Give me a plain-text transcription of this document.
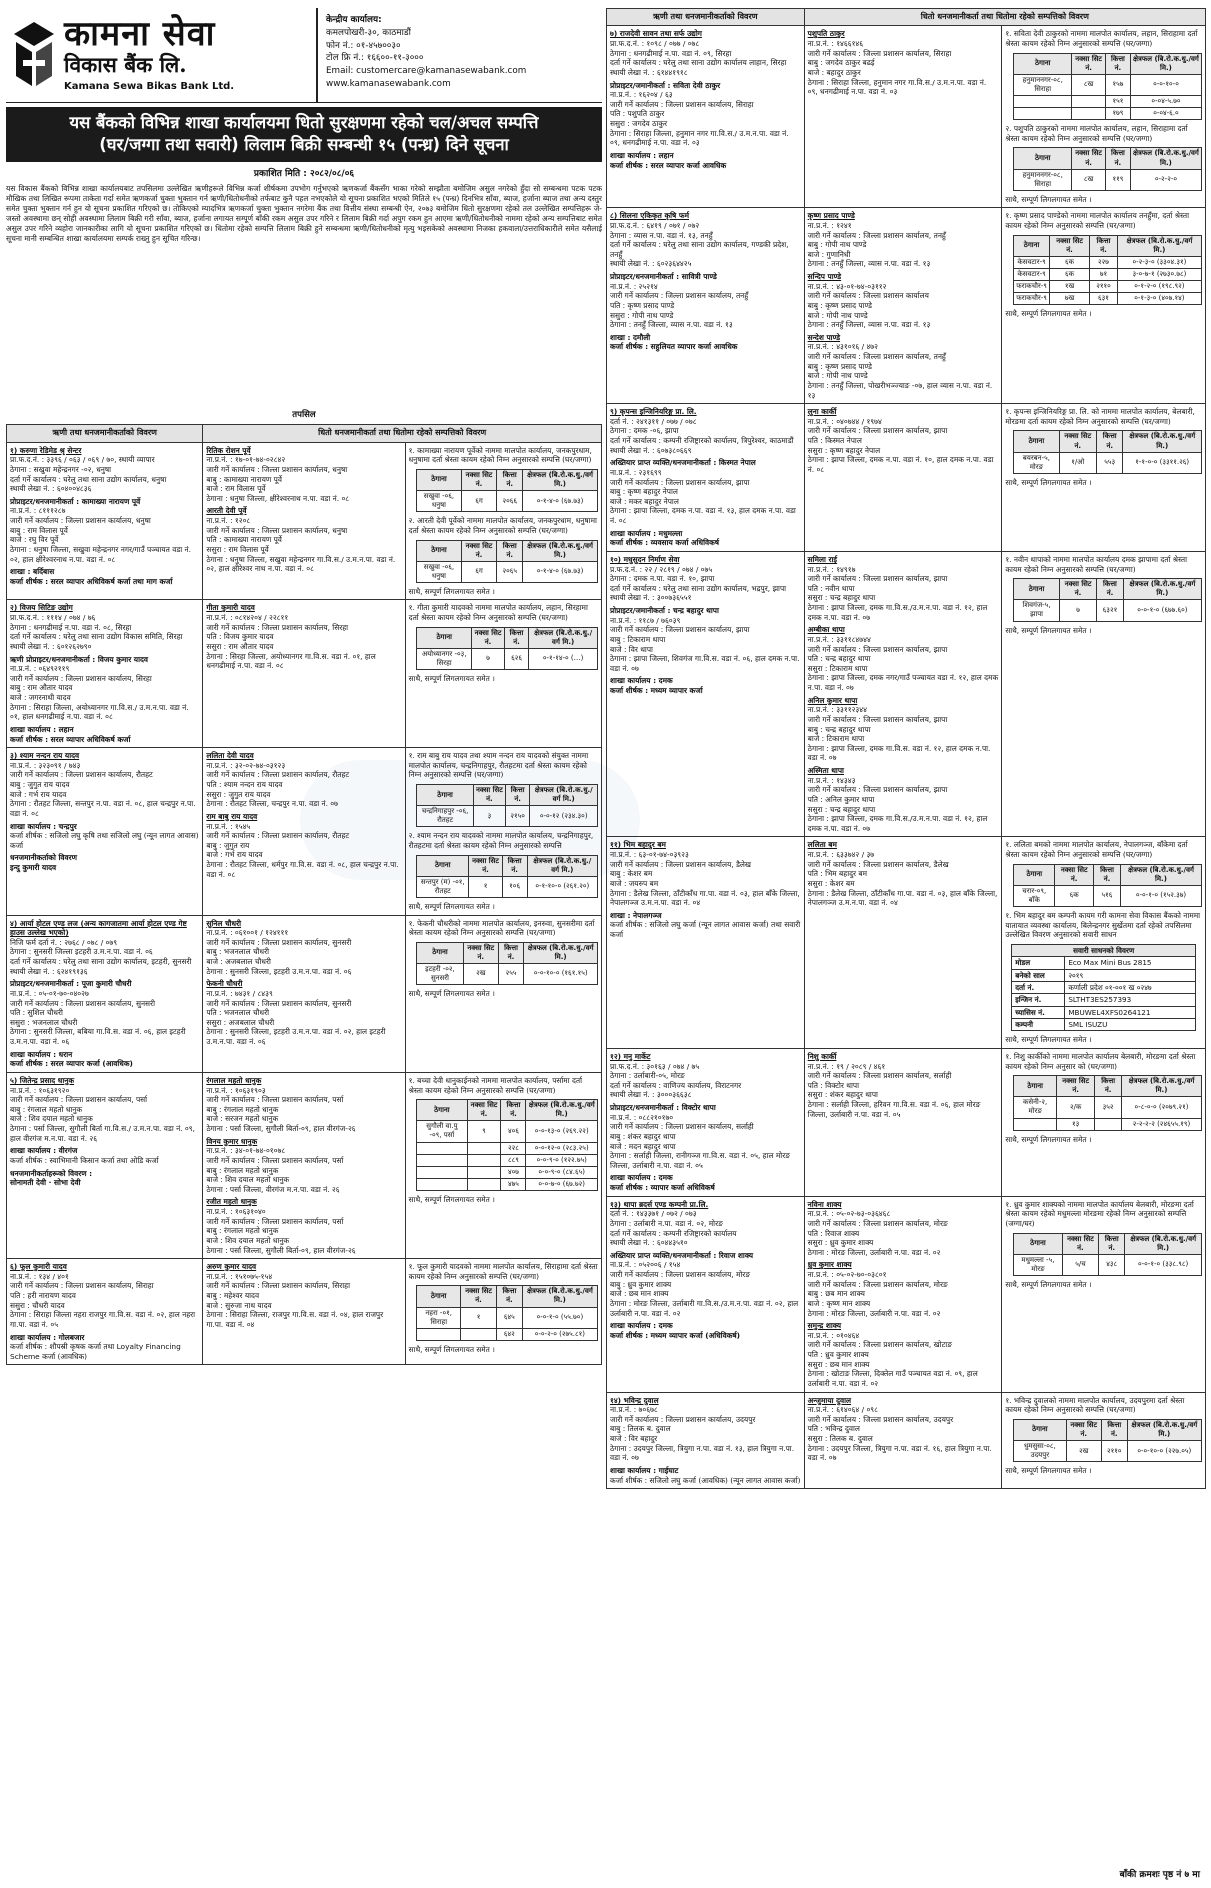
कामना सेवा
विकास बैंक लि.
Kamana Sewa Bikas Bank Ltd.
केन्द्रीय कार्यालय:
कमलपोखरी-३०, काठमाडौं
फोन नं.: ०१-४५७००३०
टोल फ्रि नं.: १६६००-११-३०००
Email: customercare@kamanasewabank.com
www.kamanasewabank.com
यस बैंकको विभिन्न शाखा कार्यालयमा धितो सुरक्षणमा रहेको चल/अचल सम्पत्ति
(घर/जग्गा तथा सवारी) लिलाम बिक्री सम्बन्धी १५ (पन्ध्र) दिने सूचना
प्रकाशित मिति : २०८२/०८/०६
यस विकास बैंकको विभिन्न शाखा कार्यालयबाट तपसिलमा उल्लेखित ऋणीहरूले विभिन्न कर्जा शीर्षकमा उपभोग गर्नुभएको ऋणकर्जा बैंकसँग भाका गरेको सम्झौता बमोजिम असुल नगरेको हुँदा सो सम्बन्धमा पटक पटक मौखिक तथा लिखित रूपमा ताकेता गर्दा समेत ऋणकर्जा चुक्ता भुक्तान गर्न ऋणी/धितोधनीको तर्फबाट कुनै पहल नभएकोले यो सूचना प्रकाशित भएको मितिले १५ (पन्ध्र) दिनभित्र साँवा, ब्याज, हर्जाना ब्याज तथा अन्य दस्तुर समेत चुक्ता भुक्तान गर्न हुन यो सूचना प्रकाशित गरिएको छ। तोकिएको म्यादभित्र ऋणकर्जा चुक्ता भुक्तान नगरेमा बैंक तथा वित्तीय संस्था सम्बन्धी ऐन, २०७३ बमोजिम धितो सुरक्षणमा रहेको तल उल्लेखित सम्पत्तिहरू जे-जस्तो अवस्थामा छन् सोही अवस्थामा लिलाम बिक्री गरी साँवा, ब्याज, हर्जाना लगायत सम्पूर्ण बाँकी रकम असुल उपर गरिने र लिलाम बिक्री गर्दा अपुग रकम हुन आएमा ऋणी/धितोधनीको नाममा रहेको अन्य सम्पत्तिबाट समेत असुल उपर गरिने व्यहोरा जानकारीका लागि यो सूचना प्रकाशित गरिएको छ। धितोमा रहेको सम्पत्ति लिलाम बिक्री हुने सम्बन्धमा ऋणी/धितोधनीको मृत्यु भइसकेको अवस्थामा निजका हकवाला/उत्तराधिकारीले समेत यसैलाई सूचना मानी सम्बन्धित शाखा कार्यालयमा सम्पर्क राख्नु हुन सूचित गरिन्छ।
तपसिल
ऋणी तथा धनजमानीकर्ताको विवरण	धितो धनजमानीकर्ता तथा धितोमा रहेको सम्पत्तिको विवरण

१) करुणा रेडिमेड श्रृ सेन्टर
प्रा.फ.द.नं. : ३३९६ / ०६३ / ०६९ / ७०, स्थायी व्यापार
ठेगाना : सखुवा महेन्द्रनगर -०२, धनुषा
दर्ता गर्ने कार्यालय : घरेलु तथा साना उद्योग कार्यालय, धनुषा
स्थायी लेखा नं. : ६०४००४८३६
प्रोप्राइटर/धनजमानीकर्ता : कामाख्या नारायण पूर्वे
ना.प्र.नं. : ८१११२८७
जारी गर्ने कार्यालय : जिल्ला प्रशासन कार्यालय, धनुषा
बाबु : राम विलास पूर्वे
बाजे : रघु विर पूर्वे
ठेगाना : धनुषा जिल्ला, सखुवा महेन्द्रनगर नगर/गाउँ पञ्चायत वडा नं. ०२, हाल क्षीरेश्वरनाथ न.पा. वडा नं. ०८
शाखा : बर्दिबास
कर्जा शीर्षक : सरल व्यापार अधिविकर्ष कर्जा तथा माग कर्जा

रितिक रोशन पूर्वे
ना.प्र.नं. : १७-०१-७४-०२८४२
जारी गर्ने कार्यालय : जिल्ला प्रशासन कार्यालय, धनुषा
बाबु : कामाख्या नारायण पूर्वे
बाजे : राम विलास पूर्वे
ठेगाना : धनुषा जिल्ला, क्षीरेश्वरनाथ न.पा. वडा नं. ०८
आरती देवी पूर्वे
ना.प्र.नं. : १२०८
जारी गर्ने कार्यालय : जिल्ला प्रशासन कार्यालय, धनुषा
पति : कामाख्या नारायण पूर्वे
ससुरा : राम विलास पूर्वे
ठेगाना : धनुषा जिल्ला, सखुवा महेन्द्रनगर गा.वि.स./ उ.म.न.पा. वडा नं. ०२, हाल क्षीरेश्वर नाथ न.पा. वडा नं. ०८

१. कामाख्या नारायण पूर्वेको नाममा मालपोत कार्यालय, जनकपुरधाम, धनुषामा दर्ता श्रेस्ता कायम रहेको निम्न अनुसारको सम्पत्ति (घर/जग्गा)
ठेगाना	नक्सा सिट नं.	कित्ता नं.	क्षेत्रफल (बि.रो.क.धु./वर्ग मि.)
सखुवा -०६, धनुषा	६ग	२०६६	०-१-४-० (६७.७३)
२. आरती देवी पूर्वेको नाममा मालपोत कार्यालय, जनकपुरधाम, धनुषामा दर्ता श्रेस्ता कायम रहेको निम्न अनुसारको सम्पत्ति (घर/जग्गा)
ठेगाना	नक्सा सिट नं.	कित्ता नं.	क्षेत्रफल (बि.रो.क.धु./वर्ग मि.)
सखुवा -०६, धनुषा	६ग	२०६५	०-१-४-० (६७.७३)
साथै, सम्पूर्ण लिगलगायत समेत ।

२) विजय सिटिङ उद्योग
प्रा.फ.द.नं. : १११४ / ०७४ / ७६
ठेगाना : धनगढीमाई न.पा. वडा नं. ०८, सिरहा
दर्ता गर्ने कार्यालय : घरेलु तथा साना उद्योग विकास समिति, सिरहा
स्थायी लेखा नं. : ६०१२६२७९०
ऋणी प्रोप्राइटर/धनजमानीकर्ता : विजय कुमार यादव
ना.प्र.नं. : ०६४९२११९
जारी गर्ने कार्यालय : जिल्ला प्रशासन कार्यालय, सिरहा
बाबु : राम औतार यादव
बाजे : जगरनाथी यादव
ठेगाना : सिराहा जिल्ला, अयोध्यानगर गा.वि.स./ उ.म.न.पा. वडा नं. ०१, हाल धनगढीमाई न.पा. वडा नं. ०८
शाखा कार्यालय : लहान
कर्जा शीर्षक : सरल व्यापार अधिविकर्ष कर्जा

गीता कुमारी यादव
ना.प्र.नं. : ०८१४२०४ / २२८११
जारी गर्ने कार्यालय : जिल्ला प्रशासन कार्यालय, सिरहा
पति : विजय कुमार यादव
ससुरा : राम औतार यादव
ठेगाना : सिरहा जिल्ला, अयोध्यानगर गा.वि.स. वडा नं. ०१, हाल धनगढीमाई न.पा. वडा नं. ०८

१. गीता कुमारी यादवको नाममा मालपोत कार्यालय, लहान, सिरहामा दर्ता श्रेस्ता कायम रहेको निम्न अनुसारको सम्पत्ति (घर/जग्गा)
ठेगाना	नक्सा सिट नं.	कित्ता नं.	क्षेत्रफल (बि.रो.क.धु./वर्ग मि.)
अयोध्यानगर -०३, सिरहा	७	६२६	०-१-१४-० (…)
साथै, सम्पूर्ण लिगलगायत समेत ।

३) श्याम नन्दन राय यादव
ना.प्र.नं. : ३२३०९१ / ७४३
जारी गर्ने कार्यालय : जिल्ला प्रशासन कार्यालय, रौतहट
बाबु : जुगुत राय यादव
बाजे : गर्भ राय यादव
ठेगाना : रौतहट जिल्ला, सन्तपुर न.पा. वडा नं. ०८, हाल चन्द्रपुर न.पा. वडा नं. ०८
शाखा कार्यालय : चन्द्रपुर
कर्जा शीर्षक : सजिलो लघु कृषि तथा सजिलो लघु (न्यून लागत आवास) कर्जा
धनजमानीकर्ताको विवरण
इन्दु कुमारी यादव

ललिता देवी यादव
ना.प्र.नं. : ३२-०२-७४-०३१२३
जारी गर्ने कार्यालय : जिल्ला प्रशासन कार्यालय, रौतहट
पति : श्याम नन्दन राय यादव
ससुरा : जुगुत राय यादव
ठेगाना : रौतहट जिल्ला, चन्द्रपुर न.पा. वडा नं. ०७
राम बाबु राय यादव
ना.प्र.नं. : १५४५
जारी गर्ने कार्यालय : जिल्ला प्रशासन कार्यालय, रौतहट
बाबु : जुगुत राय
बाजे : गर्भ राय यादव
ठेगाना : रौतहट जिल्ला, धर्मपुर गा.वि.स. वडा नं. ०८, हाल चन्द्रपुर न.पा. वडा नं. ०८

१. राम बाबु राय यादव तथा श्याम नन्दन राय यादवको संयुक्त नाममा मालपोत कार्यालय, चन्द्रनिगाहपुर, रौतहटमा दर्ता श्रेस्ता कायम रहेको निम्न अनुसारको सम्पत्ति (घर/जग्गा)
ठेगाना	नक्सा सिट नं.	कित्ता नं.	क्षेत्रफल (बि.रो.क.धु./वर्ग मि.)
चन्द्रनिगाहपुर -०६, रौतहट	३	२१५०	०-०-१२ (२३४.३०)
२. श्याम नन्दन राय यादवको नाममा मालपोत कार्यालय, चन्द्रनिगाहपुर, रौतहटमा दर्ता श्रेस्ता कायम रहेको निम्न अनुसारको सम्पत्ति
ठेगाना	नक्सा सिट नं.	कित्ता नं.	क्षेत्रफल (बि.रो.क.धु./वर्ग मि.)
सन्तपुर (म) -०१, रौतहट	१	१०६	०-१-१०-० (२६१.२०)
साथै, सम्पूर्ण लिगलगायत समेत ।

४) आर्या होटल एण्ड लज (अन्य कागजातमा आर्या होटल एण्ड गेष्ट हाउस उल्लेख भएको)
निजि फर्म दर्ता नं. : २७६८ / ०७८ / ०७९
ठेगाना : सुनसरी जिल्ला इटहरी उ.म.न.पा. वडा नं. ०६
दर्ता गर्ने कार्यालय : घरेलु तथा साना उद्योग कार्यालय, इटहरी, सुनसरी
स्थायी लेखा नं. : ६२४१९१३६
प्रोप्राइटर/धनजमानीकर्ता : पूजा कुमारी चौधरी
ना.प्र.नं. : ०५-०१-७०-०४०२७
जारी गर्ने कार्यालय : जिल्ला प्रशासन कार्यालय, सुनसरी
पति : सुशिल चौधरी
ससुरा : भजनलाल चौधरी
ठेगाना : सुनसरी जिल्ला, बबिया गा.वि.स. वडा नं. ०६, हाल इटहरी उ.म.न.पा. वडा नं. ०६
शाखा कार्यालय : धरान
कर्जा शीर्षक : सरल व्यापार कर्जा (आवधिक)

सुनिल चौधरी
ना.प्र.नं. : ०६१००१ / १२४१११
जारी गर्ने कार्यालय : जिल्ला प्रशासन कार्यालय, सुनसरी
बाबु : भजनलाल चौधरी
बाजे : अजबलाल चौधरी
ठेगाना : सुनसरी जिल्ला, इटहरी उ.म.न.पा. वडा नं. ०६
फेकनी चौधरी
ना.प्र.नं. : ७४३१ / ८४३९
जारी गर्ने कार्यालय : जिल्ला प्रशासन कार्यालय, सुनसरी
पति : भजनलाल चौधरी
ससुरा : अजबलाल चौधरी
ठेगाना : सुनसरी जिल्ला, इटहरी उ.म.न.पा. वडा नं. ०२, हाल इटहरी उ.म.न.पा. वडा नं. ०६

१. फेकनी चौधरीको नाममा मालपोत कार्यालय, इनरुवा, सुनसरीमा दर्ता श्रेस्ता कायम रहेको निम्न अनुसारको सम्पत्ति (घर/जग्गा)
ठेगाना	नक्सा सिट नं.	कित्ता नं.	क्षेत्रफल (बि.रो.क.धु./वर्ग मि.)
इटहरी -०२, सुनसरी	२ख	२५५	०-०-१०-० (१६१.१५)
साथै, सम्पूर्ण लिगलगायत समेत ।

५) जितेन्द्र प्रसाद धानुक
ना.प्र.नं. : १०६३१९२०
जारी गर्ने कार्यालय : जिल्ला प्रशासन कार्यालय, पर्सा
बाबु : रंगलाल महतो धानुक
बाजे : शिव दयाल महतो धानुक
ठेगाना : पर्सा जिल्ला, सुगौली बिर्ता गा.वि.स./ उ.म.न.पा. वडा नं. ०९, हाल वीरगंज म.न.पा. वडा नं. २६
शाखा कार्यालय : वीरगंज
कर्जा शीर्षक : स्वाभिमानी किसान कर्जा तथा ओडि कर्जा
धनजमानीकर्ताहरूको विवरण :
सोनामती देवी · सोभा देवी

रंगलाल महतो धानुक
ना.प्र.नं. : १०६३१९०३
जारी गर्ने कार्यालय : जिल्ला प्रशासन कार्यालय, पर्सा
बाबु : रंगलाल महतो धानुक
बाजे : सरजन महतो धानुक
ठेगाना : पर्सा जिल्ला, सुगौली बिर्ता-०९, हाल वीरगंज-२६
विनय कुमार धानुक
ना.प्र.नं. : ३४-०१-७४-०१०७८
जारी गर्ने कार्यालय : जिल्ला प्रशासन कार्यालय, पर्सा
बाबु : रंगलाल महतो धानुक
बाजे : शिव दयाल महतो धानुक
ठेगाना : पर्सा जिल्ला, वीरगंज म.न.पा. वडा नं. २६
रजीत महतो धानुक
ना.प्र.नं. : १०६३१०४०
जारी गर्ने कार्यालय : जिल्ला प्रशासन कार्यालय, पर्सा
बाबु : रंगलाल महतो धानुक
बाजे : शिव दयाल महतो धानुक
ठेगाना : पर्सा जिल्ला, सुगौली बिर्ता-०९, हाल वीरगंज-२६

१. बच्चा देवी धानुकाईनको नाममा मालपोत कार्यालय, पर्सामा दर्ता श्रेस्ता कायम रहेको निम्न अनुसारको सम्पत्ति (घर/जग्गा)
ठेगाना	नक्सा सिट नं.	कित्ता नं.	क्षेत्रफल (बि.रो.क.धु./वर्ग मि.)
सुगौली वा.पु -०९, पर्सा	९	४०६	०-०-१३-० (२६९.२२)
		२२८	०-०-१२-० (२८३.२५)
		८८९	०-०-९-० (१२२.७५)
		४०७	०-०-९-० (८४.६५)
		४७५	०-०-७-० (६७.७२)
साथै, सम्पूर्ण लिगलगायत समेत ।

६) फूल कुमारी यादव
ना.प्र.नं. : १३४ / ४०१
जारी गर्ने कार्यालय : जिल्ला प्रशासन कार्यालय, सिराहा
पति : हरी नारायण यादव
ससुरा : चौधरी यादव
ठेगाना : सिराहा जिल्ला नहरा राजपुर गा.वि.स. वडा नं. ०२, हाल नहरा गा.पा. वडा नं. ०५
शाखा कार्यालय : गोलबजार
कर्जा शीर्षक : शौपस्री कृषक कर्जा तथा Loyalty Financing Scheme कर्जा (आवधिक)

अरुण कुमार यादव
ना.प्र.नं. : १५१०७५-१५४
जारी गर्ने कार्यालय : जिल्ला प्रशासन कार्यालय, सिराहा
बाबु : महेश्वर यादव
बाजे : सुरुजा नाथ यादव
ठेगाना : सिराहा जिल्ला, राजपुर गा.वि.स. वडा नं. ०४, हाल राजपुर गा.पा. वडा नं. ०४

१. फूल कुमारी यादवको नाममा मालपोत कार्यालय, सिराहामा दर्ता श्रेस्ता कायम रहेको निम्न अनुसारको सम्पत्ति (घर/जग्गा)
ठेगाना	नक्सा सिट नं.	कित्ता नं.	क्षेत्रफल (बि.रो.क.धु./वर्ग मि.)
नहरा -०१, सिराहा	१	६४५	०-०-१-० (५५.७०)
		६४२	०-०-२-० (२७५.८१)
साथै, सम्पूर्ण लिगलगायत समेत ।
ऋणी तथा धनजमानीकर्ताको विवरण	धितो धनजमानीकर्ता तथा धितोमा रहेको सम्पत्तिको विवरण

७) राजदेवी सावन तथा सर्फ उद्योग
प्रा.फ.द.नं. : १०९८ / ०७७ / ०७८
ठेगाना : धनगढीमाई न.पा. वडा नं. ०९, सिरहा
दर्ता गर्ने कार्यालय : घरेलु तथा साना उद्योग कार्यालय लाहान, सिरहा
स्थायी लेखा नं. : ६१४४१९१८
प्रोप्राइटर/जमानीकर्ता : सविता देवी ठाकुर
ना.प्र.नं. : १६२०४ / ६३
जारी गर्ने कार्यालय : जिल्ला प्रशासन कार्यालय, सिराहा
पति : पशुपति ठाकुर
ससुरा : जगदेव ठाकुर
ठेगाना : सिराहा जिल्ला, हनुमान नगर गा.वि.स./ उ.म.न.पा. वडा नं. ०९, धनगढीमाई न.पा. वडा नं. ०३
शाखा कार्यालय : लहान
कर्जा शीर्षक : सरल व्यापार कर्जा आवधिक

पशुपति ठाकुर
ना.प्र.नं. : १४६६१४६
जारी गर्ने कार्यालय : जिल्ला प्रशासन कार्यालय, सिराहा
बाबु : जगदेव ठाकुर बढई
बाजे : बहादुर ठाकुर
ठेगाना : सिराहा जिल्ला, हनुमान नगर गा.वि.स./ उ.म.न.पा. वडा नं. ०९, धनगढीमाई न.पा. वडा नं. ०३

१. सविता देवी ठाकुरको नाममा मालपोत कार्यालय, लहान, सिराहामा दर्ता श्रेस्ता कायम रहेको निम्न अनुसारको सम्पत्ति (घर/जग्गा)
ठेगाना	नक्सा सिट नं.	कित्ता नं.	क्षेत्रफल (बि.रो.क.धु./वर्ग मि.)
हनुमाननगर-०८, सिराहा	८ख	१५७	०-०-१०-०
		१५१	०-०४-५.७०
		१७९	०-०४-६.०
२. पशुपति ठाकुरको नाममा मालपोत कार्यालय, लहान, सिराहामा दर्ता श्रेस्ता कायम रहेको निम्न अनुसारको सम्पत्ति (घर/जग्गा)
ठेगाना	नक्सा सिट नं.	कित्ता नं.	क्षेत्रफल (बि.रो.क.धु./वर्ग मि.)
हनुमाननगर-०८, सिराहा	८ख	११९	०-२-२-०
साथै, सम्पूर्ण लिगलगायत समेत ।

८) सिलना एकिकृत कृषि फर्म
प्रा.फ.द.नं. : ६४१९ / ०७१ / ०७२
ठेगाना : व्यास न.पा. वडा नं. १३, तनहुँ
दर्ता गर्ने कार्यालय : घरेलु तथा साना उद्योग कार्यालय, गण्डकी प्रदेश, तनहुँ
स्थायी लेखा नं. : ६०२३६४४२५
प्रोप्राइटर/धनजमानीकर्ता : सावित्री पाण्डे
ना.प्र.नं. : २५२१४
जारी गर्ने कार्यालय : जिल्ला प्रशासन कार्यालय, तनहुँ
पति : कृष्ण प्रसाद पाण्डे
ससुरा : गोपी नाथ पाण्डे
ठेगाना : तनहुँ जिल्ला, व्यास न.पा. वडा नं. १३
शाखा : दमौली
कर्जा शीर्षक : सहुलियत व्यापार कर्जा आवधिक

कृष्ण प्रसाद पाण्डे
ना.प्र.नं. : १२४१
जारी गर्ने कार्यालय : जिल्ला प्रशासन कार्यालय, तनहुँ
बाबु : गोपी नाथ पाण्डे
बाजे : गुणानिधी
ठेगाना : तनहुँ जिल्ला, व्यास न.पा. वडा नं. १३
सन्दिप पाण्डे
ना.प्र.नं. : ४३-०१-७४-०३११२
जारी गर्ने कार्यालय : जिल्ला प्रशासन कार्यालय
बाबु : कृष्ण प्रसाद पाण्डे
बाजे : गोपी नाथ पाण्डे
ठेगाना : तनहुँ जिल्ला, व्यास न.पा. वडा नं. १३
सन्देश पाण्डे
ना.प्र.नं. : ४३१०१६ / ४७२
जारी गर्ने कार्यालय : जिल्ला प्रशासन कार्यालय, तनहुँ
बाबु : कृष्ण प्रसाद पाण्डे
बाजे : गोपी नाथ पाण्डे
ठेगाना : तनहुँ जिल्ला, पोखरीभञ्ज्याङ -०७, हाल व्यास न.पा. वडा नं. १३

१. कृष्ण प्रसाद पाण्डेको नाममा मालपोत कार्यालय तनहुँमा, दर्ता श्रेस्ता कायम रहेको निम्न अनुसारको सम्पत्ति (घर/जग्गा)
ठेगाना	नक्सा सिट नं.	कित्ता नं.	क्षेत्रफल (बि.रो.क.धु./वर्ग मि.)
केसवटार-९	६क	२२७	०-२-३-० (३३०४.३१)
केसवटार-९	६क	७१	३-०-७-१ (२७३०.७८)
फराकचौर-९	१ख	२११०	०-१-२-० (१९८.९२)
फराकचौर-९	७ख	६३१	०-१-३-० (४०७.१४)
साथै, सम्पूर्ण लिगलगायत समेत ।

९) कृपन्स इन्जिनियरिङ्ग प्रा. लि.
दर्ता नं. : २४१३११ / ०७७ / ०७८
ठेगाना : दमक -०६, झापा
दर्ता गर्ने कार्यालय : कम्पनी रजिष्ट्रारको कार्यालय, त्रिपुरेश्वर, काठमाडौं
स्थायी लेखा नं. : ६०७३८०६६९
अख्तियार प्राप्त व्यक्ति/धनजमानीकर्ता : किस्मत नेपाल
ना.प्र.नं. : २३१६९९
जारी गर्ने कार्यालय : जिल्ला प्रशासन कार्यालय, झापा
बाबु : कृष्ण बहादुर नेपाल
बाजे : मकर बहादुर नेपाल
ठेगाना : झापा जिल्ला, दमक न.पा. वडा नं. १३, हाल दमक न.पा. वडा नं. ०८
शाखा कार्यालय : मधुमल्ला
कर्जा शीर्षक : व्यवसाय कर्जा अधिविकर्ष

लुना कार्की
ना.प्र.नं. : ०४०७४४ / १९७४
जारी गर्ने कार्यालय : जिल्ला प्रशासन कार्यालय, झापा
पति : किस्मत नेपाल
ससुरा : कृष्ण बहादुर नेपाल
ठेगाना : झापा जिल्ला, दमक न.पा. वडा नं. १०, हाल दमक न.पा. वडा नं. ०८

१. कृपन्स इन्जिनियरिङ्ग प्रा. लि. को नाममा मालपोत कार्यालय, बेलबारी, मोरङमा दर्ता कायम रहेको निम्न अनुसारको सम्पत्ति (घर/जग्गा)
ठेगाना	नक्सा सिट नं.	कित्ता नं.	क्षेत्रफल (बि.रो.क.धु./वर्ग मि.)
बयरबन-५, मोरङ	१/ओ	५५३	१-१-०-० (३३११.२६)
साथै, सम्पूर्ण लिगलगायत समेत ।

१०) मधुसुदन निर्माण सेवा
प्र.फ.द.नं. : २२ / २८१९ / ०७४ / ०७५
ठेगाना : दमक न.पा. वडा नं. १०, झापा
दर्ता गर्ने कार्यालय : घरेलु तथा साना उद्योग कार्यालय, भद्रपुर, झापा
स्थायी लेखा नं. : ३००७३६५५१
प्रोप्राइटर/जमानीकर्ता : चन्द्र बहादुर थापा
ना.प्र.नं. : ११८७ / ७६०३९
जारी गर्ने कार्यालय : जिल्ला प्रशासन कार्यालय, झापा
बाबु : टिकाराम थापा
बाजे : विर थापा
ठेगाना : झापा जिल्ला, शिवगंज गा.वि.स. वडा नं. ०६, हाल दमक न.पा. वडा नं. ०७
शाखा कार्यालय : दमक
कर्जा शीर्षक : मध्यम व्यापार कर्जा

समिला राई
ना.प्र.नं. : १४९१७
जारी गर्ने कार्यालय : जिल्ला प्रशासन कार्यालय, झापा
पति : नवीन थापा
ससुरा : चन्द्र बहादुर थापा
ठेगाना : झापा जिल्ला, दमक गा.वि.स./उ.म.न.पा. वडा नं. १२, हाल दमक न.पा. वडा नं. ०७
अम्बीका थापा
ना.प्र.नं. : ३३११८४७४४
जारी गर्ने कार्यालय : जिल्ला प्रशासन कार्यालय, झापा
पति : चन्द्र बहादुर थापा
ससुरा : टिकाराम थापा
ठेगाना : झापा जिल्ला, दमक नगर/गाउँ पञ्चायत वडा नं. १२, हाल दमक न.पा. वडा नं. ०७
अनिल कुमार थापा
ना.प्र.नं. : ३३११२३४४
जारी गर्ने कार्यालय : जिल्ला प्रशासन कार्यालय, झापा
बाबु : चन्द्र बहादुर थापा
बाजे : टिकाराम थापा
ठेगाना : झापा जिल्ला, दमक गा.वि.स. वडा नं. १२, हाल दमक न.पा. वडा नं. ०७
अस्मिता थापा
ना.प्र.नं. : १४३४३
जारी गर्ने कार्यालय : जिल्ला प्रशासन कार्यालय, झापा
पति : अनिल कुमार थापा
ससुरा : चन्द्र बहादुर थापा
ठेगाना : झापा जिल्ला, दमक गा.वि.स./उ.म.न.पा. वडा नं. १२, हाल दमक न.पा. वडा नं. ०७

१. नवीन थापाको नाममा मालपोत कार्यालय दमक झापामा दर्ता श्रेस्ता कायम रहेको निम्न अनुसारको सम्पत्ति (घर/जग्गा)
ठेगाना	नक्सा सिट नं.	कित्ता नं.	क्षेत्रफल (बि.रो.क.धु./वर्ग मि.)
शिवगंज-५, झापा	७	६३२१	०-०-१-० (६७७.६०)
साथै, सम्पूर्ण लिगलगायत समेत ।

११) भिम बहादुर बम
ना.प्र.नं. : ६३-०१-७४-०३९२३
जारी गर्ने कार्यालय : जिल्ला प्रशासन कार्यालय, डैलेख
बाबु : केशर बम
बाजे : जयरुप बम
ठेगाना : डैलेख जिल्ला, ठाँटीकाँध गा.पा. वडा नं. ०३, हाल बाँके जिल्ला, नेपालगञ्ज उ.म.न.पा. वडा नं. ०४
शाखा : नेपालगञ्ज
कर्जा शीर्षक : सजिलो लघु कर्जा (न्यून लागत आवास कर्जा) तथा सवारी कर्जा

ललिता बम
ना.प्र.नं. : ६३३७४२ / ३७
जारी गर्ने कार्यालय : जिल्ला प्रशासन कार्यालय, डैलेख
पति : भिम बहादुर बम
ससुरा : केशर बम
ठेगाना : डैलेख जिल्ला, ठाँटीकाँध गा.पा. वडा नं. ०३, हाल बाँके जिल्ला, नेपालगञ्ज उ.म.न.पा. वडा नं. ०४

१. ललिता बमको नाममा मालपोत कार्यालय, नेपालगञ्ज, बाँकेमा दर्ता श्रेस्ता कायम रहेको निम्न अनुसारको सम्पत्ति (घर/जग्गा)
ठेगाना	नक्सा सिट नं.	कित्ता नं.	क्षेत्रफल (बि.रो.क.धु./वर्ग मि.)
चरार-०९, बाँके	६क	५१६	०-०-१-० (१५२.३७)
१. भिम बहादुर बम कम्पनी कायम गरी कामना सेवा विकास बैंकको नाममा यातायात व्यवस्था कार्यालय, बिलेन्द्रनगर सुर्खेतमा दर्ता रहेको तपसिलमा उल्लेखित विवरण अनुसारको सवारी साधन
सवारी साधनको विवरण
मोडल	Eco Max Mini Bus 2815
बनेको साल	२०१९
दर्ता नं.	कर्णाली प्रदेश ०१-००१ ख ०२४७
इन्जिन नं.	SLTHT3ES257393
च्यासिस नं.	MBUWEL4XFS0264121
कम्पनी	SML ISUZU
साथै, सम्पूर्ण लिगलगायत समेत ।

१२) मनु मार्केट
प्रा.फ.द.नं. : ३०१६३ / ०७४ / ७५
ठेगाना : उर्लाबारी-०५, मोरङ
दर्ता गर्ने कार्यालय : वाणिज्य कार्यालय, विराटनगर
स्थायी लेखा नं. : ३०००३६६३८
प्रोप्राइटर/धनजमानीकर्ता : विक्टोर थापा
ना.प्र.नं. : ०८८२१०१७०
जारी गर्ने कार्यालय : जिल्ला प्रशासन कार्यालय, सर्लाही
बाबु : शंकर बहादुर थापा
बाजे : मदन बहादुर थापा
ठेगाना : सर्लाही जिल्ला, रानीगञ्ज गा.वि.स. वडा नं. ०५, हाल मोरङ जिल्ला, उर्लाबारी न.पा. वडा नं. ०५
शाखा कार्यालय : दमक
कर्जा शीर्षक : व्यापार कर्जा अधिविकर्ष

निशु कार्की
ना.प्र.नं. : १९ / २०८९ / ४६१
जारी गर्ने कार्यालय : जिल्ला प्रशासन कार्यालय, सर्लाही
पति : विक्टोर थापा
ससुरा : शंकर बहादुर थापा
ठेगाना : सर्लाही जिल्ला, हरिवन गा.वि.स. वडा नं. ०६, हाल मोरङ जिल्ला, उर्लाबारी न.पा. वडा नं. ०५

१. निशु कार्कीको नाममा मालपोत कार्यालय बेलबारी, मोरङमा दर्ता श्रेस्ता कायम रहेको निम्न अनुसार को (घर/जग्गा)
ठेगाना	नक्सा सिट नं.	कित्ता नं.	क्षेत्रफल (बि.रो.क.धु./वर्ग मि.)
कसेनी-२, मोरङ	२/क	३५२	०-८-०-० (२०७९.२१)
	१३		२-२-२-२ (२४६५५.१९)
साथै, सम्पूर्ण लिगलगायत समेत ।

१३) थापा ब्रदर्स एण्ड कम्पनी प्रा.लि.
दर्ता नं. : १४३३७१ / ०७२ / ०७३
ठेगाना : उर्लाबारी न.पा. वडा नं. ०२, मोरङ
दर्ता गर्ने कार्यालय : कम्पनी रजिष्ट्रारको कार्यालय
स्थायी लेखा नं. : ६०४४३५१०
अख्तियार प्राप्त व्यक्ति/धनजमानीकर्ता : रिवाज शाक्य
ना.प्र.नं. : ०५२००६ / १५४
जारी गर्ने कार्यालय : जिल्ला प्रशासन कार्यालय, मोरङ
बाबु : ध्रुव कुमार शाक्य
बाजे : छब मान शाक्य
ठेगाना : मोरङ जिल्ला, उर्लाबारी गा.वि.स./उ.म.न.पा. वडा नं. ०२, हाल उर्लाबारी न.पा. वडा नं. ०२
शाखा कार्यालय : दमक
कर्जा शीर्षक : मध्यम व्यापार कर्जा (अधिविकर्ष)

नविना शाक्य
ना.प्र.नं. : ०५-०२-७३-०३६४६८
जारी गर्ने कार्यालय : जिल्ला प्रशासन कार्यालय, मोरङ
पति : रिवाज शाक्य
ससुरा : ध्रुव कुमार शाक्य
ठेगाना : मोरङ जिल्ला, उर्लाबारी न.पा. वडा नं. ०२
ध्रुव कुमार शाक्य
ना.प्र.नं. : ०५-०२-७०-०३८०१
जारी गर्ने कार्यालय : जिल्ला प्रशासन कार्यालय, मोरङ
बाबु : छब मान शाक्य
बाजे : कृष्ण मान शाक्य
ठेगाना : मोरङ जिल्ला, उर्लाबारी न.पा. वडा नं. ०२
समुन्द्र शाक्य
ना.प्र.नं. : ०१०४६४
जारी गर्ने कार्यालय : जिल्ला प्रशासन कार्यालय, खोटाङ
पति : ध्रुव कुमार शाक्य
ससुरा : छब मान शाक्य
ठेगाना : खोटाङ जिल्ला, दिक्तेल गाउँ पञ्चायत वडा नं. ०९, हाल उर्लाबारी न.पा. वडा नं. ०२

१. ध्रुव कुमार शाक्यको नाममा मालपोत कार्यालय बेलबारी, मोरङमा दर्ता श्रेस्ता कायम रहेको मधुमल्ला मोरङमा रहेको निम्न अनुसारको सम्पत्ति (जग्गा/घर)
ठेगाना	नक्सा सिट नं.	कित्ता नं.	क्षेत्रफल (बि.रो.क.धु./वर्ग मि.)
मधुमल्ला -५, मोरङ	५/च	४३८	०-०-१-० (३३८.९८)
साथै, सम्पूर्ण लिगलगायत समेत ।

१४) भविन्द्र दुवाल
ना.प्र.नं. : ७०६७८
जारी गर्ने कार्यालय : जिल्ला प्रशासन कार्यालय, उदयपुर
बाबु : तिलक ब. दुवाल
बाजे : विर बहादुर
ठेगाना : उदयपुर जिल्ला, त्रियुगा न.पा. वडा नं. १३, हाल त्रियुगा न.पा. वडा नं. ०७
शाखा कार्यालय : गाईघाट
कर्जा शीर्षक : सजिलो लघु कर्जा (आवधिक) (न्यून लागत आवास कर्जा)

अन्जुमाया दुवाल
ना.प्र.नं. : ६१४०६४ / ०९८
जारी गर्ने कार्यालय : जिल्ला प्रशासन कार्यालय, उदयपुर
पति : भविन्द्र दुवाल
ससुरा : तिलक ब. दुवाल
ठेगाना : उदयपुर जिल्ला, त्रियुगा न.पा. वडा नं. १६, हाल त्रियुगा न.पा. वडा नं. ०७

१. भविन्द्र दुवालको नाममा मालपोत कार्यालय, उदयपुरमा दर्ता श्रेस्ता कायम रहेको निम्न अनुसारको सम्पत्ति (घर/जग्गा)
ठेगाना	नक्सा सिट नं.	कित्ता नं.	क्षेत्रफल (बि.रो.क.धु./वर्ग मि.)
धुमसुसा-०८, उदयपुर	२ख	२११०	०-०-१०-० (२२७.०५)
साथै, सम्पूर्ण लिगलगायत समेत ।
बाँकी क्रमशः पृष्ठ नं ७ मा
